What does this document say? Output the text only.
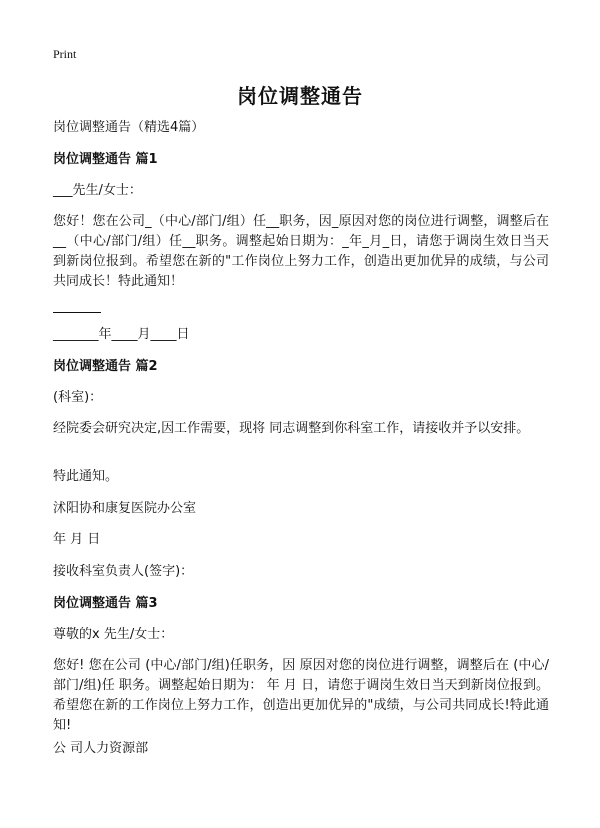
Print
岗位调整通告
岗位调整通告（精选4篇）
岗位调整通告 篇1
___先生/女士：
您好！您在公司_（中心/部门/组）任__职务，因_原因对您的岗位进行调整，调整后在__（中心/部门/组）任__职务。调整起始日期为：_年_月_日，请您于调岗生效日当天到新岗位报到。希望您在新的"工作岗位上努力工作，创造出更加优异的成绩，与公司共同成长！特此通知！
_______年____月____日
岗位调整通告 篇2
(科室)：
经院委会研究决定,因工作需要，现将 同志调整到你科室工作，请接收并予以安排。
特此通知。
沭阳协和康复医院办公室
年 月 日
接收科室负责人(签字)：
岗位调整通告 篇3
尊敬的x 先生/女士：
您好! 您在公司 (中心/部门/组)任职务，因 原因对您的岗位进行调整，调整后在 (中心/部门/组)任 职务。调整起始日期为： 年 月 日，请您于调岗生效日当天到新岗位报到。 希望您在新的工作岗位上努力工作，创造出更加优异的"成绩，与公司共同成长!特此通知!
公 司人力资源部
